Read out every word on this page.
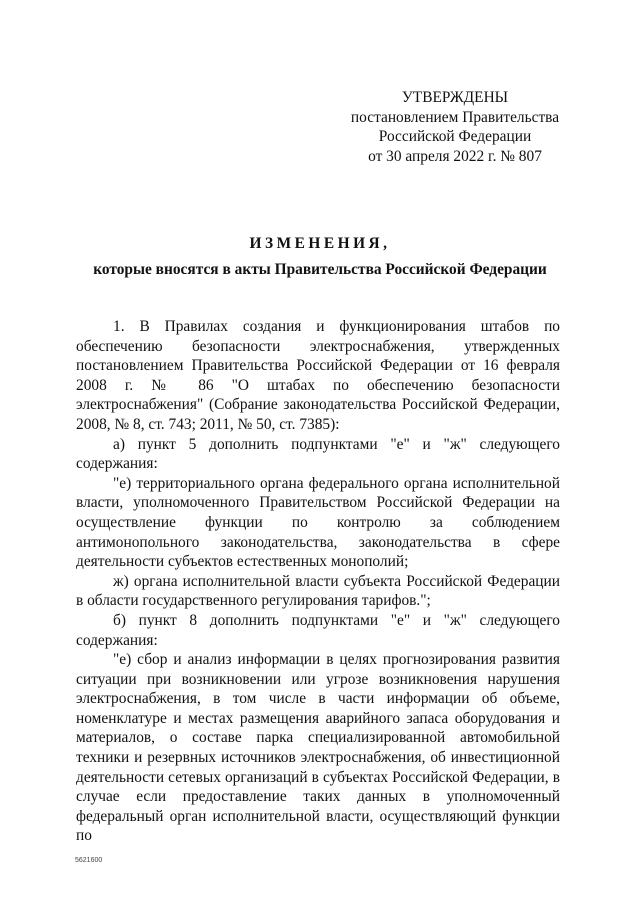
УТВЕРЖДЕНЫ
постановлением Правительства
Российской Федерации
от 30 апреля 2022 г. № 807
ИЗМЕНЕНИЯ,
которые вносятся в акты Правительства Российской Федерации

1. В Правилах создания и функционирования штабов по обеспечению безопасности электроснабжения, утвержденных постановлением Правительства Российской Федерации от 16 февраля 2008 г. № 86 "О штабах по обеспечению безопасности электроснабжения" (Собрание законодательства Российской Федерации, 2008, № 8, ст. 743; 2011, № 50, ст. 7385):

а) пункт 5 дополнить подпунктами "е" и "ж" следующего содержания:

"е) территориального органа федерального органа исполнительной власти, уполномоченного Правительством Российской Федерации на осуществление функции по контролю за соблюдением антимонопольного законодательства, законодательства в сфере деятельности субъектов естественных монополий;

ж) органа исполнительной власти субъекта Российской Федерации в области государственного регулирования тарифов.";

б) пункт 8 дополнить подпунктами "е" и "ж" следующего содержания:

"е) сбор и анализ информации в целях прогнозирования развития ситуации при возникновении или угрозе возникновения нарушения электроснабжения, в том числе в части информации об объеме, номенклатуре и местах размещения аварийного запаса оборудования и материалов, о составе парка специализированной автомобильной техники и резервных источников электроснабжения, об инвестиционной деятельности сетевых организаций в субъектах Российской Федерации, в случае если предоставление таких данных в уполномоченный федеральный орган исполнительной власти, осуществляющий функции по

5621600
